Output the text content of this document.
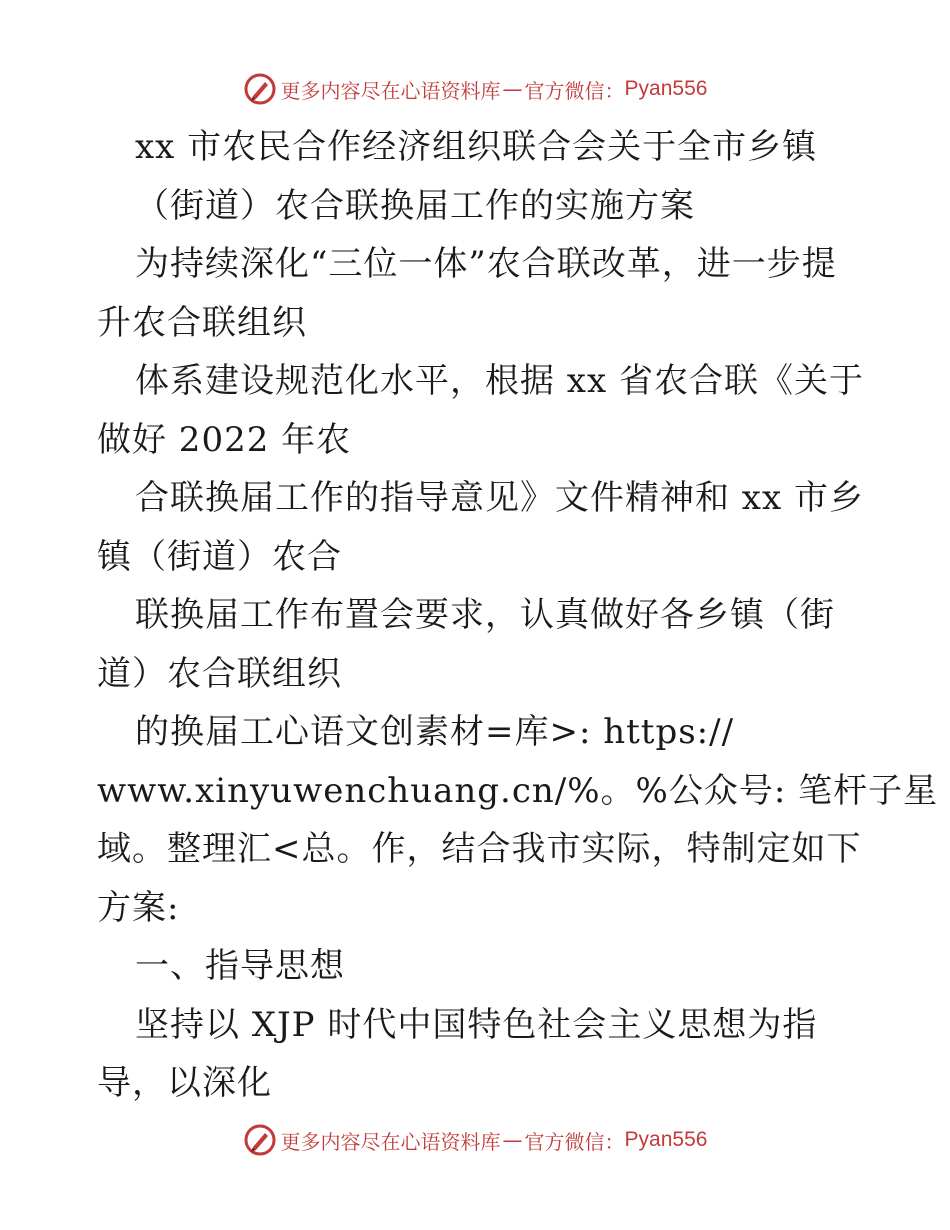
更多内容尽在心语资料库 — 官方微信： Pyan556
xx 市农民合作经济组织联合会关于全市乡镇
（街道）农合联换届工作的实施方案
为持续深化“三位一体”农合联改革，进一步提
升农合联组织
体系建设规范化水平，根据 xx 省农合联《关于
做好 2022 年农
合联换届工作的指导意见》文件精神和 xx 市乡
镇（街道）农合
联换届工作布置会要求，认真做好各乡镇（街
道）农合联组织
的换届工心语文创素材=库>: https://
www.xinyuwenchuang.cn/%。%公众号: 笔杆子星
域。整理汇<总。作，结合我市实际，特制定如下
方案:
一、指导思想
坚持以 XJP 时代中国特色社会主义思想为指
导，以深化
更多内容尽在心语资料库 — 官方微信： Pyan556
